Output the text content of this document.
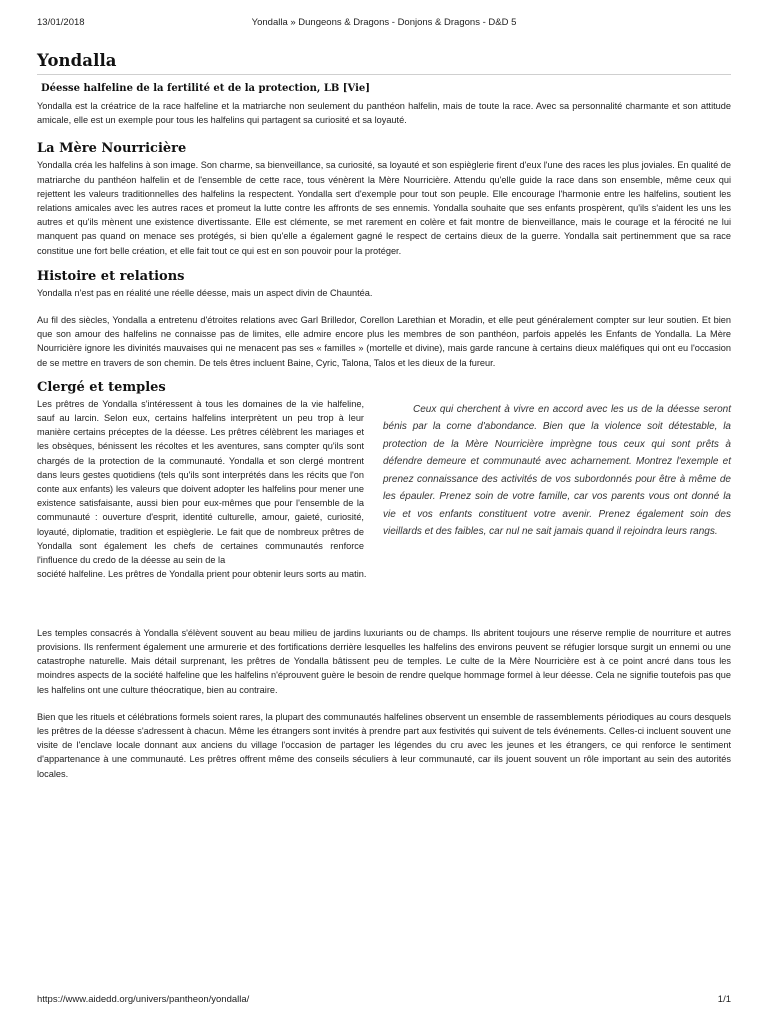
13/01/2018	Yondalla » Dungeons & Dragons - Donjons & Dragons - D&D 5
Yondalla
Déesse halfeline de la fertilité et de la protection, LB [Vie]

Yondalla est la créatrice de la race halfeline et la matriarche non seulement du panthéon halfelin, mais de toute la race. Avec sa personnalité charmante et son attitude amicale, elle est un exemple pour tous les halfelins qui partagent sa curiosité et sa loyauté.

La Mère Nourricière

Yondalla créa les halfelins à son image. Son charme, sa bienveillance, sa curiosité, sa loyauté et son espièglerie firent d'eux l'une des races les plus joviales. En qualité de matriarche du panthéon halfelin et de l'ensemble de cette race, tous vénèrent la Mère Nourricière. Attendu qu'elle guide la race dans son ensemble, même ceux qui rejettent les valeurs traditionnelles des halfelins la respectent. Yondalla sert d'exemple pour tout son peuple. Elle encourage l'harmonie entre les halfelins, soutient les relations amicales avec les autres races et promeut la lutte contre les affronts de ses ennemis. Yondalla souhaite que ses enfants prospèrent, qu'ils s'aident les uns les autres et qu'ils mènent une existence divertissante. Elle est clémente, se met rarement en colère et fait montre de bienveillance, mais le courage et la férocité ne lui manquent pas quand on menace ses protégés, si bien qu'elle a également gagné le respect de certains dieux de la guerre. Yondalla sait pertinemment que sa race constitue une fort belle création, et elle fait tout ce qui est en son pouvoir pour la protéger.

Histoire et relations

Yondalla n'est pas en réalité une réelle déesse, mais un aspect divin de Chauntéa.

Au fil des siècles, Yondalla a entretenu d'étroites relations avec Garl Brilledor, Corellon Larethian et Moradin, et elle peut généralement compter sur leur soutien. Et bien que son amour des halfelins ne connaisse pas de limites, elle admire encore plus les membres de son panthéon, parfois appelés les Enfants de Yondalla. La Mère Nourricière ignore les divinités mauvaises qui ne menacent pas ses « familles » (mortelle et divine), mais garde rancune à certains dieux maléfiques qui ont eu l'occasion de se mettre en travers de son chemin. De tels êtres incluent Baine, Cyric, Talona, Talos et les dieux de la fureur.

Clergé et temples
Les prêtres de Yondalla s'intéressent à tous les domaines de la vie halfeline, sauf au larcin. Selon eux, certains halfelins interprètent un peu trop à leur manière certains préceptes de la déesse. Les prêtres célèbrent les mariages et les obsèques, bénissent les récoltes et les aventures, sans compter qu'ils sont chargés de la protection de la communauté. Yondalla et son clergé montrent dans leurs gestes quotidiens (tels qu'ils sont interprétés dans les récits que l'on conte aux enfants) les valeurs que doivent adopter les halfelins pour mener une existence satisfaisante, aussi bien pour eux-mêmes que pour l'ensemble de la communauté : ouverture d'esprit, identité culturelle, amour, gaieté, curiosité, loyauté, diplomatie, tradition et espièglerie. Le fait que de nombreux prêtres de Yondalla sont également les chefs de certaines communautés renforce l'influence du credo de la déesse au sein de la
société halfeline. Les prêtres de Yondalla prient pour obtenir leurs sorts au matin.
Ceux qui cherchent à vivre en accord avec les us de la déesse seront bénis par la corne d'abondance. Bien que la violence soit détestable, la protection de la Mère Nourricière imprègne tous ceux qui sont prêts à défendre demeure et communauté avec acharnement. Montrez l'exemple et prenez connaissance des activités de vos subordonnés pour être à même de les épauler. Prenez soin de votre famille, car vos parents vous ont donné la vie et vos enfants constituent votre avenir. Prenez également soin des vieillards et des faibles, car nul ne sait jamais quand il rejoindra leurs rangs.

Les temples consacrés à Yondalla s'élèvent souvent au beau milieu de jardins luxuriants ou de champs. Ils abritent toujours une réserve remplie de nourriture et autres provisions. Ils renferment également une armurerie et des fortifications derrière lesquelles les halfelins des environs peuvent se réfugier lorsque surgit un ennemi ou une catastrophe naturelle. Mais détail surprenant, les prêtres de Yondalla bâtissent peu de temples. Le culte de la Mère Nourricière est à ce point ancré dans tous les moindres aspects de la société halfeline que les halfelins n'éprouvent guère le besoin de rendre quelque hommage formel à leur déesse. Cela ne signifie toutefois pas que les halfelins ont une culture théocratique, bien au contraire.

Bien que les rituels et célébrations formels soient rares, la plupart des communautés halfelines observent un ensemble de rassemblements périodiques au cours desquels les prêtres de la déesse s'adressent à chacun. Même les étrangers sont invités à prendre part aux festivités qui suivent de tels événements. Celles-ci incluent souvent une visite de l'enclave locale donnant aux anciens du village l'occasion de partager les légendes du cru avec les jeunes et les étrangers, ce qui renforce le sentiment d'appartenance à une communauté. Les prêtres offrent même des conseils séculiers à leur communauté, car ils jouent souvent un rôle important au sein des autorités locales.

https://www.aidedd.org/univers/pantheon/yondalla/	1/1
